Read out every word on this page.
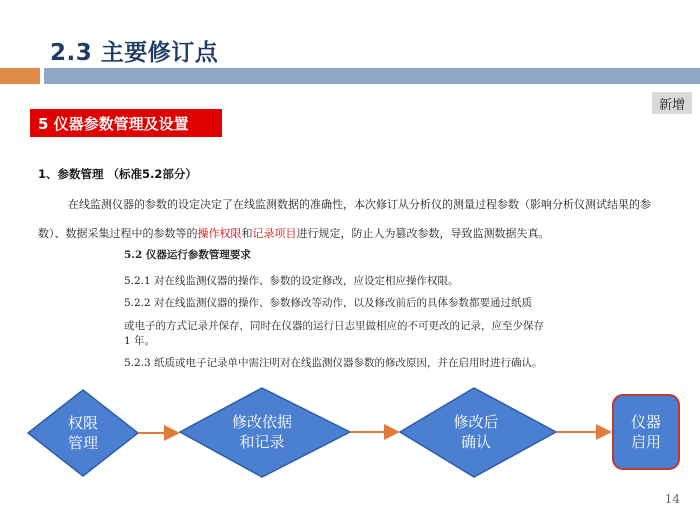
2.3 主要修订点
新增
5 仪器参数管理及设置
1、参数管理 （标准5.2部分）
在线监测仪器的参数的设定决定了在线监测数据的准确性，本次修订从分析仪的测量过程参数（影响分析仪测试结果的参数）、数据采集过程中的参数等的操作权限和记录项目进行规定，防止人为篡改参数，导致监测数据失真。
5.2 仪器运行参数管理要求
5.2.1 对在线监测仪器的操作、参数的设定修改，应设定相应操作权限。
5.2.2 对在线监测仪器的操作、参数修改等动作，以及修改前后的具体参数都要通过纸质
或电子的方式记录并保存，同时在仪器的运行日志里做相应的不可更改的记录，应至少保存
1 年。
5.2.3 纸质或电子记录单中需注明对在线监测仪器参数的修改原因，并在启用时进行确认。
权限
管理
修改依据
和记录
修改后
确认
仪器
启用
14
